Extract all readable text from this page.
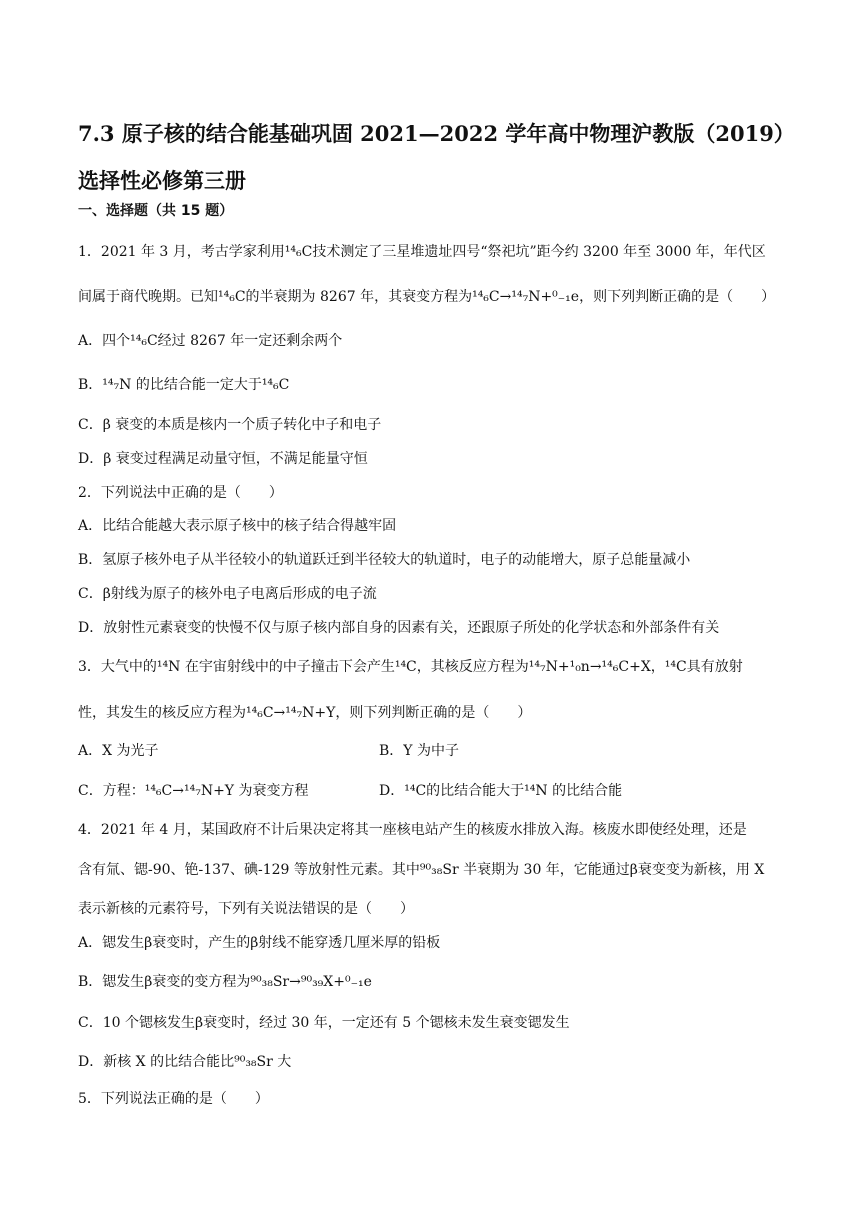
7.3 原子核的结合能基础巩固 2021—2022 学年高中物理沪教版（2019）选择性必修第三册
一、选择题（共 15 题）
1．2021 年 3 月，考古学家利用¹⁴₆C技术测定了三星堆遗址四号“祭祀坑”距今约 3200 年至 3000 年，年代区
间属于商代晚期。已知¹⁴₆C的半衰期为 8267 年，其衰变方程为¹⁴₆C→¹⁴₇N+⁰₋₁e，则下列判断正确的是（　　）
A．四个¹⁴₆C经过 8267 年一定还剩余两个
B．¹⁴₇N 的比结合能一定大于¹⁴₆C
C．β 衰变的本质是核内一个质子转化中子和电子
D．β 衰变过程满足动量守恒，不满足能量守恒
2．下列说法中正确的是（　　）
A．比结合能越大表示原子核中的核子结合得越牢固
B．氢原子核外电子从半径较小的轨道跃迁到半径较大的轨道时，电子的动能增大，原子总能量减小
C．β射线为原子的核外电子电离后形成的电子流
D．放射性元素衰变的快慢不仅与原子核内部自身的因素有关，还跟原子所处的化学状态和外部条件有关
3．大气中的¹⁴N 在宇宙射线中的中子撞击下会产生¹⁴C，其核反应方程为¹⁴₇N+¹₀n→¹⁴₆C+X，¹⁴C具有放射
性，其发生的核反应方程为¹⁴₆C→¹⁴₇N+Y，则下列判断正确的是（　　）
A．X 为光子	B．Y 为中子
C．方程：¹⁴₆C→¹⁴₇N+Y 为衰变方程	D．¹⁴C的比结合能大于¹⁴N 的比结合能
4．2021 年 4 月，某国政府不计后果决定将其一座核电站产生的核废水排放入海。核废水即使经处理，还是
含有氚、锶-90、铯-137、碘-129 等放射性元素。其中⁹⁰₃₈Sr 半衰期为 30 年，它能通过β衰变变为新核，用 X
表示新核的元素符号，下列有关说法错误的是（　　）
A．锶发生β衰变时，产生的β射线不能穿透几厘米厚的铅板
B．锶发生β衰变的变方程为⁹⁰₃₈Sr→⁹⁰₃₉X+⁰₋₁e
C．10 个锶核发生β衰变时，经过 30 年，一定还有 5 个锶核未发生衰变锶发生
D．新核 X 的比结合能比⁹⁰₃₈Sr 大
5．下列说法正确的是（　　）
